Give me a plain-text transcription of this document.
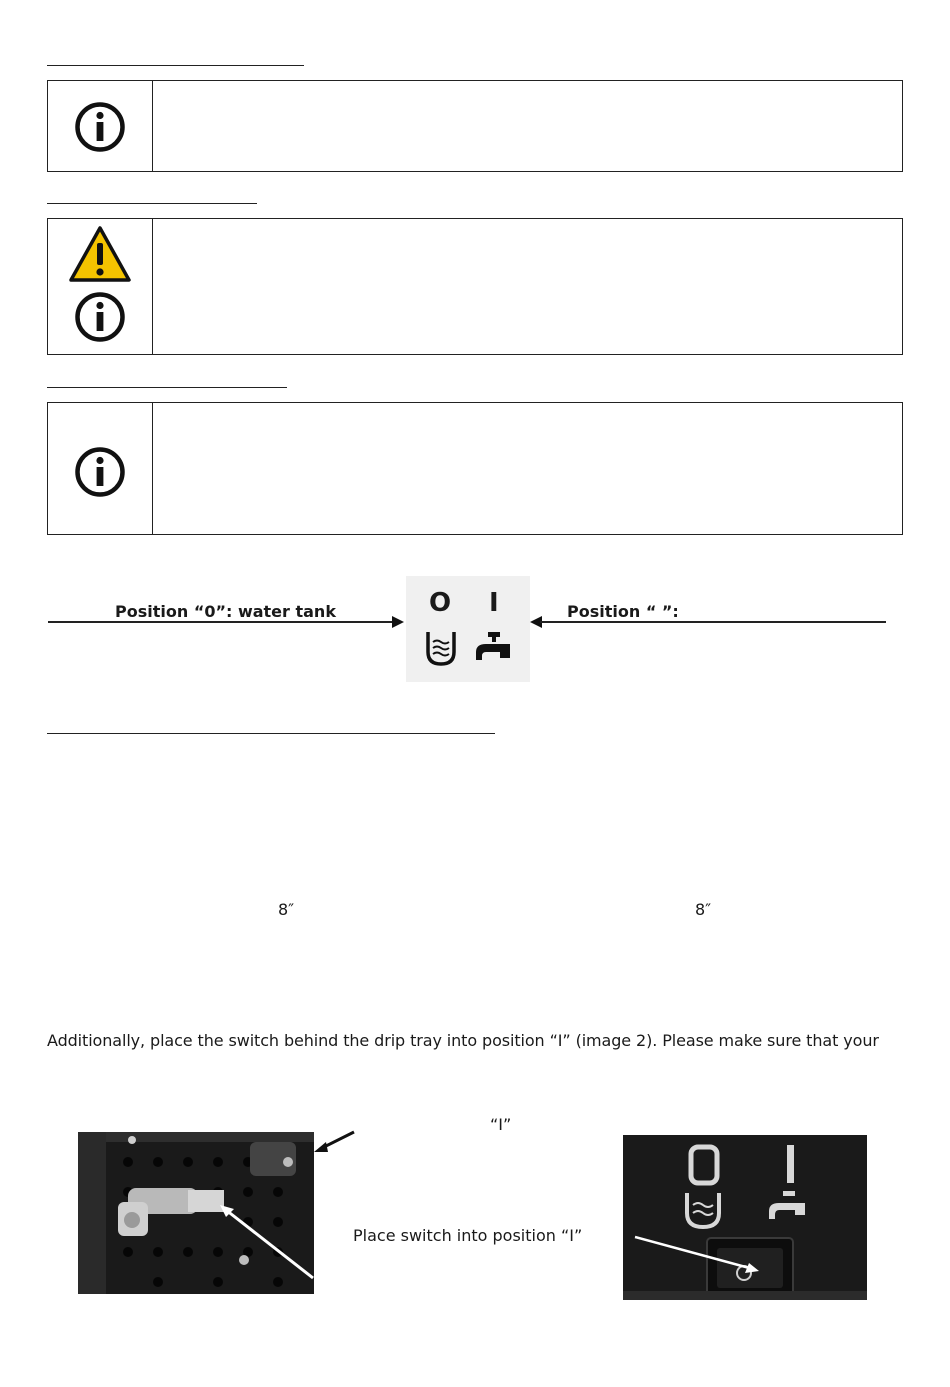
Position “0”: water tank	O I	Position “ ”:
8″	8″
Additionally, place the switch behind the drip tray into position “I” (image 2). Please make sure that your
“I”
Place switch into position “I”
